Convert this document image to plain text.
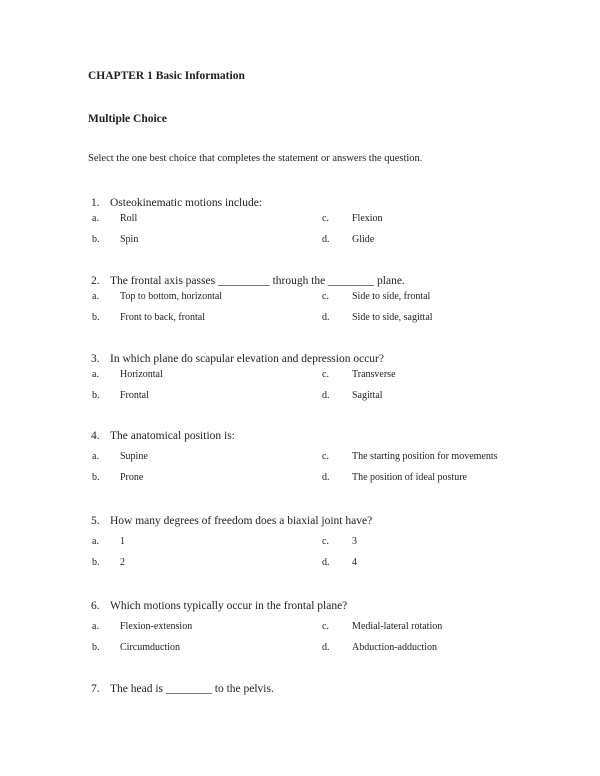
CHAPTER 1 Basic Information
Multiple Choice
Select the one best choice that completes the statement or answers the question.
1. Osteokinematic motions include:
a. Roll	c. Flexion
b. Spin	d. Glide
2. The frontal axis passes _________ through the ________ plane.
a. Top to bottom, horizontal	c. Side to side, frontal
b. Front to back, frontal	d. Side to side, sagittal
3. In which plane do scapular elevation and depression occur?
a. Horizontal	c. Transverse
b. Frontal	d. Sagittal
4. The anatomical position is:
a. Supine	c. The starting position for movements
b. Prone	d. The position of ideal posture
5. How many degrees of freedom does a biaxial joint have?
a. 1	c. 3
b. 2	d. 4
6. Which motions typically occur in the frontal plane?
a. Flexion-extension	c. Medial-lateral rotation
b. Circumduction	d. Abduction-adduction
7. The head is ________ to the pelvis.
